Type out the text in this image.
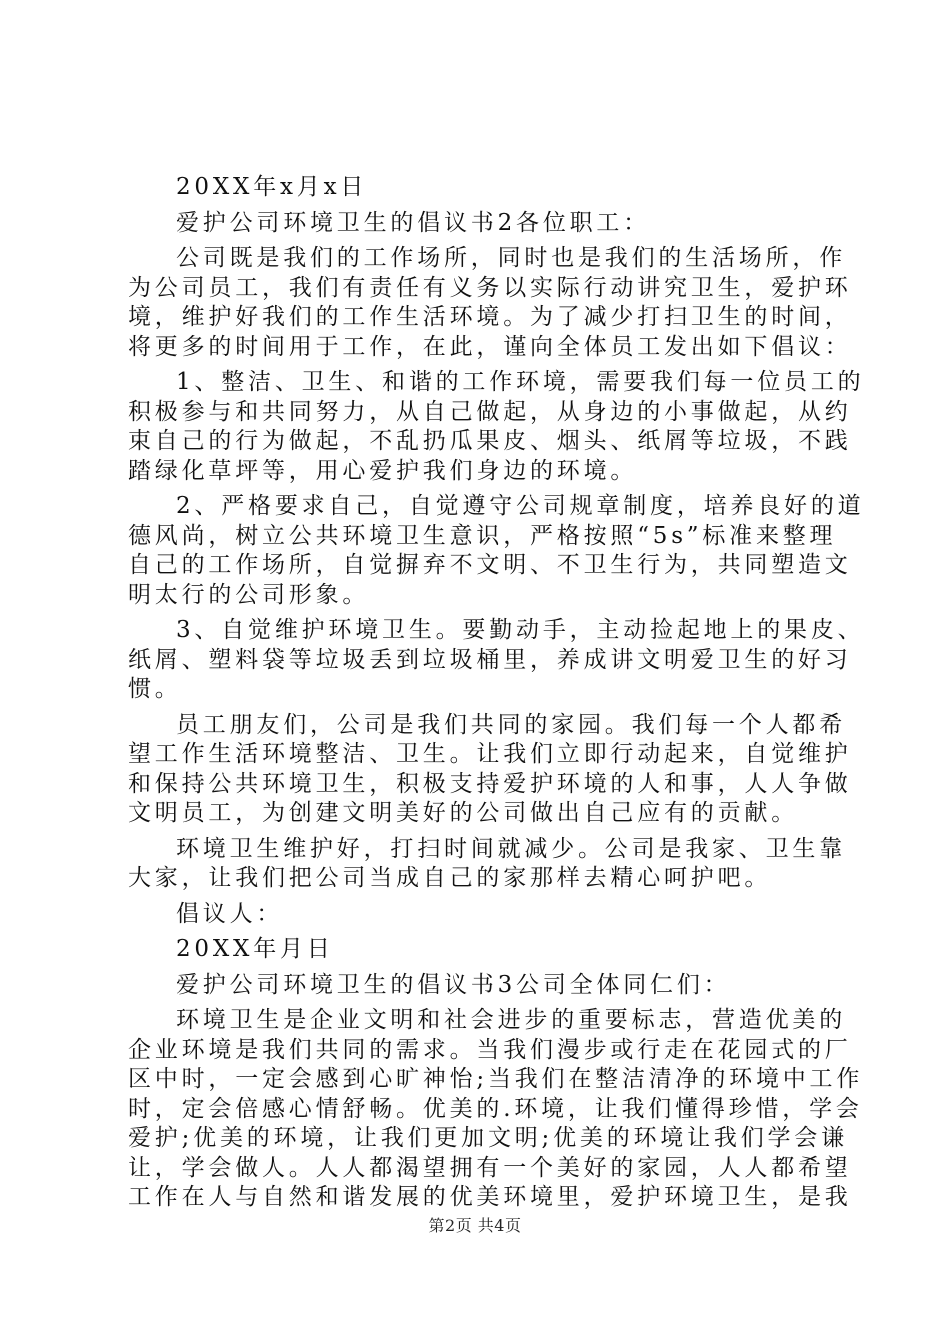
20XX年x月x日
爱护公司环境卫生的倡议书2各位职工：
公司既是我们的工作场所，同时也是我们的生活场所，作
为公司员工，我们有责任有义务以实际行动讲究卫生，爱护环
境，维护好我们的工作生活环境。为了减少打扫卫生的时间，
将更多的时间用于工作，在此，谨向全体员工发出如下倡议：
1、整洁、卫生、和谐的工作环境，需要我们每一位员工的
积极参与和共同努力，从自己做起，从身边的小事做起，从约
束自己的行为做起，不乱扔瓜果皮、烟头、纸屑等垃圾，不践
踏绿化草坪等，用心爱护我们身边的环境。
2、严格要求自己，自觉遵守公司规章制度，培养良好的道
德风尚，树立公共环境卫生意识，严格按照“5s”标准来整理
自己的工作场所，自觉摒弃不文明、不卫生行为，共同塑造文
明太行的公司形象。
3、自觉维护环境卫生。要勤动手，主动捡起地上的果皮、
纸屑、塑料袋等垃圾丢到垃圾桶里，养成讲文明爱卫生的好习
惯。
员工朋友们，公司是我们共同的家园。我们每一个人都希
望工作生活环境整洁、卫生。让我们立即行动起来，自觉维护
和保持公共环境卫生，积极支持爱护环境的人和事，人人争做
文明员工，为创建文明美好的公司做出自己应有的贡献。
环境卫生维护好，打扫时间就减少。公司是我家、卫生靠
大家，让我们把公司当成自己的家那样去精心呵护吧。
倡议人：
20XX年月日
爱护公司环境卫生的倡议书3公司全体同仁们：
环境卫生是企业文明和社会进步的重要标志，营造优美的
企业环境是我们共同的需求。当我们漫步或行走在花园式的厂
区中时，一定会感到心旷神怡;当我们在整洁清净的环境中工作
时，定会倍感心情舒畅。优美的.环境，让我们懂得珍惜，学会
爱护;优美的环境，让我们更加文明;优美的环境让我们学会谦
让，学会做人。人人都渴望拥有一个美好的家园，人人都希望
工作在人与自然和谐发展的优美环境里，爱护环境卫生，是我
第2页 共4页
